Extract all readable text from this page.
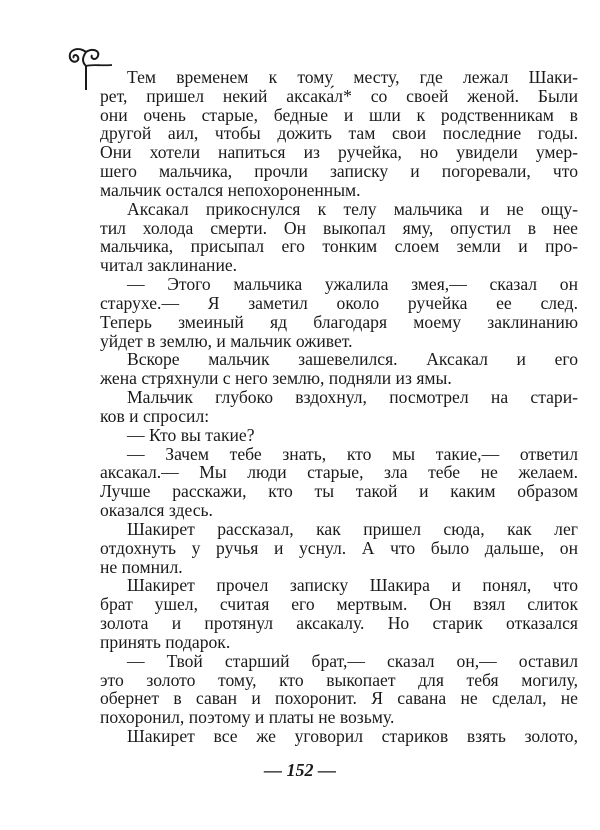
Тем временем к тому месту, где лежал Шаки-
рет, пришел некий аксака́л* со своей женой. Были
они очень старые, бедные и шли к родственникам в
другой аил, чтобы дожить там свои последние годы.
Они хотели напиться из ручейка, но увидели умер-
шего мальчика, прочли записку и погоревали, что
мальчик остался непохороненным.
Аксакал прикоснулся к телу мальчика и не ощу-
тил холода смерти. Он выкопал яму, опустил в нее
мальчика, присыпал его тонким слоем земли и про-
читал заклинание.
— Этого мальчика ужалила змея,— сказал он
старухе.— Я заметил около ручейка ее след.
Теперь змеиный яд благодаря моему заклинанию
уйдет в землю, и мальчик оживет.
Вскоре мальчик зашевелился. Аксакал и его
жена стряхнули с него землю, подняли из ямы.
Мальчик глубоко вздохнул, посмотрел на стари-
ков и спросил:
— Кто вы такие?
— Зачем тебе знать, кто мы такие,— ответил
аксакал.— Мы люди старые, зла тебе не желаем.
Лучше расскажи, кто ты такой и каким образом
оказался здесь.
Шакирет рассказал, как пришел сюда, как лег
отдохнуть у ручья и уснул. А что было дальше, он
не помнил.
Шакирет прочел записку Шакира и понял, что
брат ушел, считая его мертвым. Он взял слиток
золота и протянул аксакалу. Но старик отказался
принять подарок.
— Твой старший брат,— сказал он,— оставил
это золото тому, кто выкопает для тебя могилу,
обернет в саван и похоронит. Я савана не сделал, не
похоронил, поэтому и платы не возьму.
Шакирет все же уговорил стариков взять золото,
— 152 —
